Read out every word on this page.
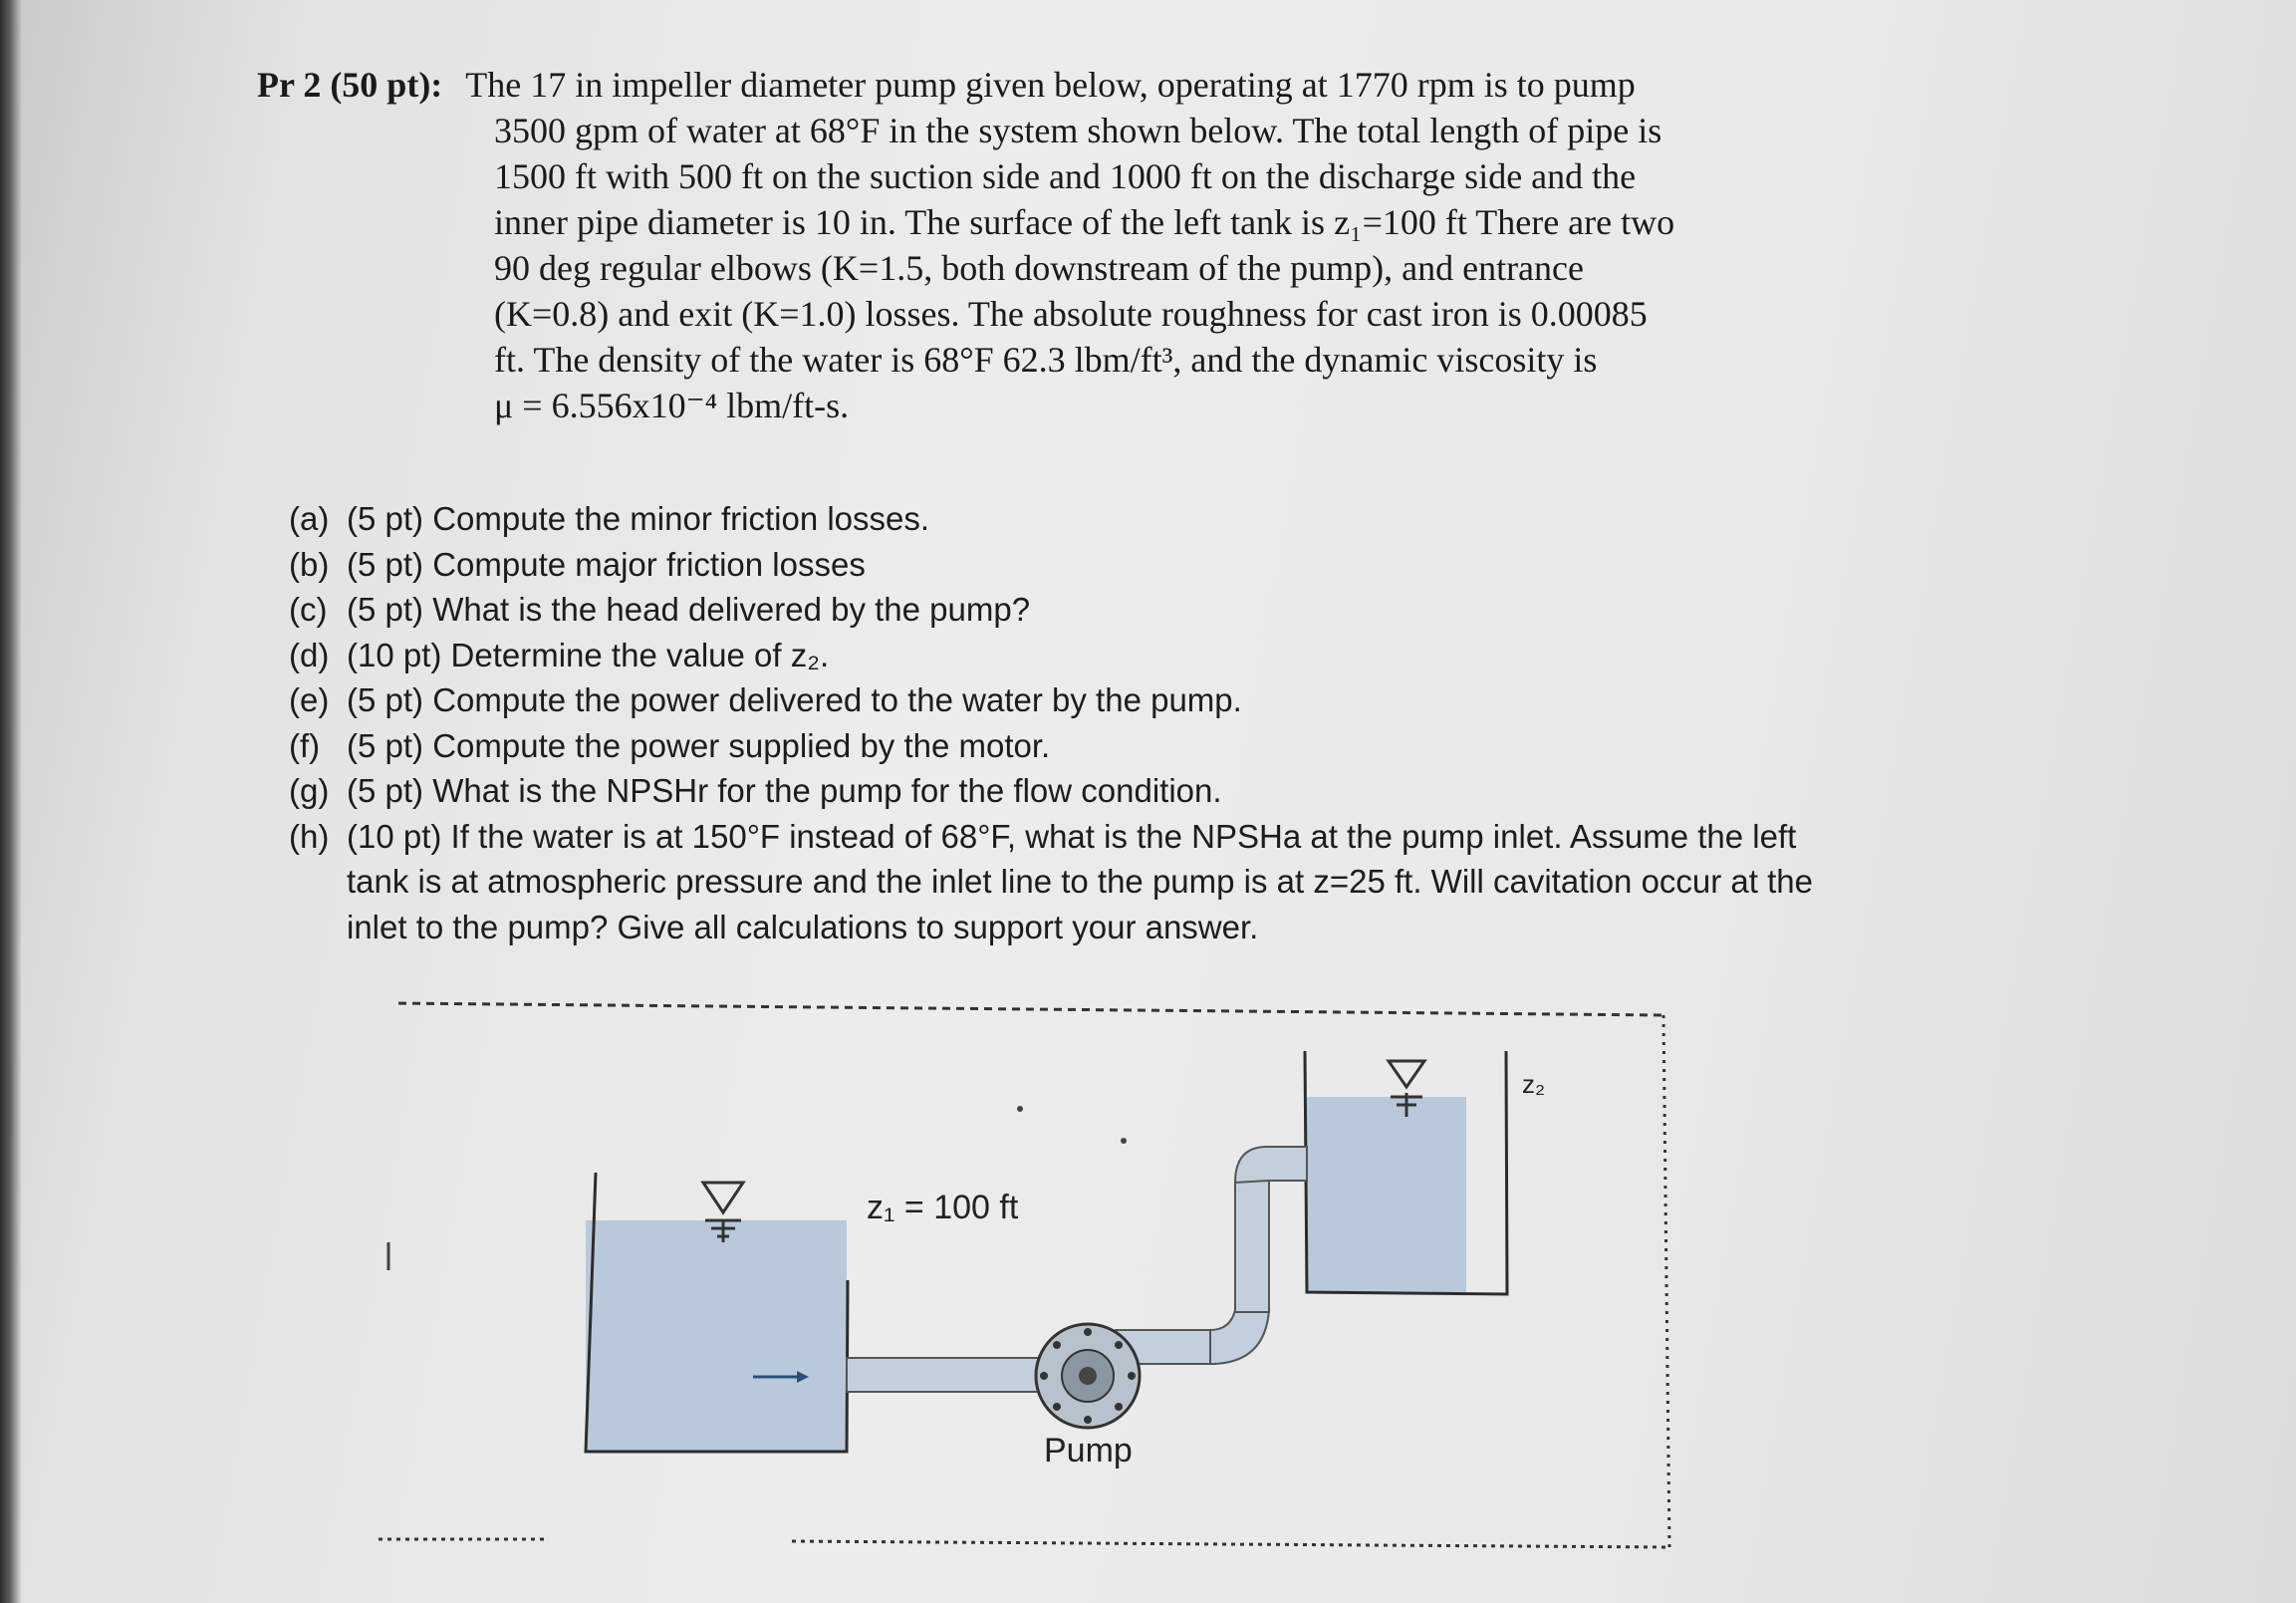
Pr 2 (50 pt): The 17 in impeller diameter pump given below, operating at 1770 rpm is to pump
3500 gpm of water at 68°F in the system shown below. The total length of pipe is
1500 ft with 500 ft on the suction side and 1000 ft on the discharge side and the
inner pipe diameter is 10 in. The surface of the left tank is z₁=100 ft There are two
90 deg regular elbows (K=1.5, both downstream of the pump), and entrance
(K=0.8) and exit (K=1.0) losses. The absolute roughness for cast iron is 0.00085
ft. The density of the water is 68°F 62.3 lbm/ft³, and the dynamic viscosity is
μ = 6.556x10⁻⁴ lbm/ft-s.
(a) (5 pt) Compute the minor friction losses.
(b) (5 pt) Compute major friction losses
(c) (5 pt) What is the head delivered by the pump?
(d) (10 pt) Determine the value of z₂.
(e) (5 pt) Compute the power delivered to the water by the pump.
(f) (5 pt) Compute the power supplied by the motor.
(g) (5 pt) What is the NPSHr for the pump for the flow condition.
(h) (10 pt) If the water is at 150°F instead of 68°F, what is the NPSHa at the pump inlet. Assume the left tank is at atmospheric pressure and the inlet line to the pump is at z=25 ft. Will cavitation occur at the inlet to the pump? Give all calculations to support your answer.
z₁ = 100 ft
z₂
Pump
